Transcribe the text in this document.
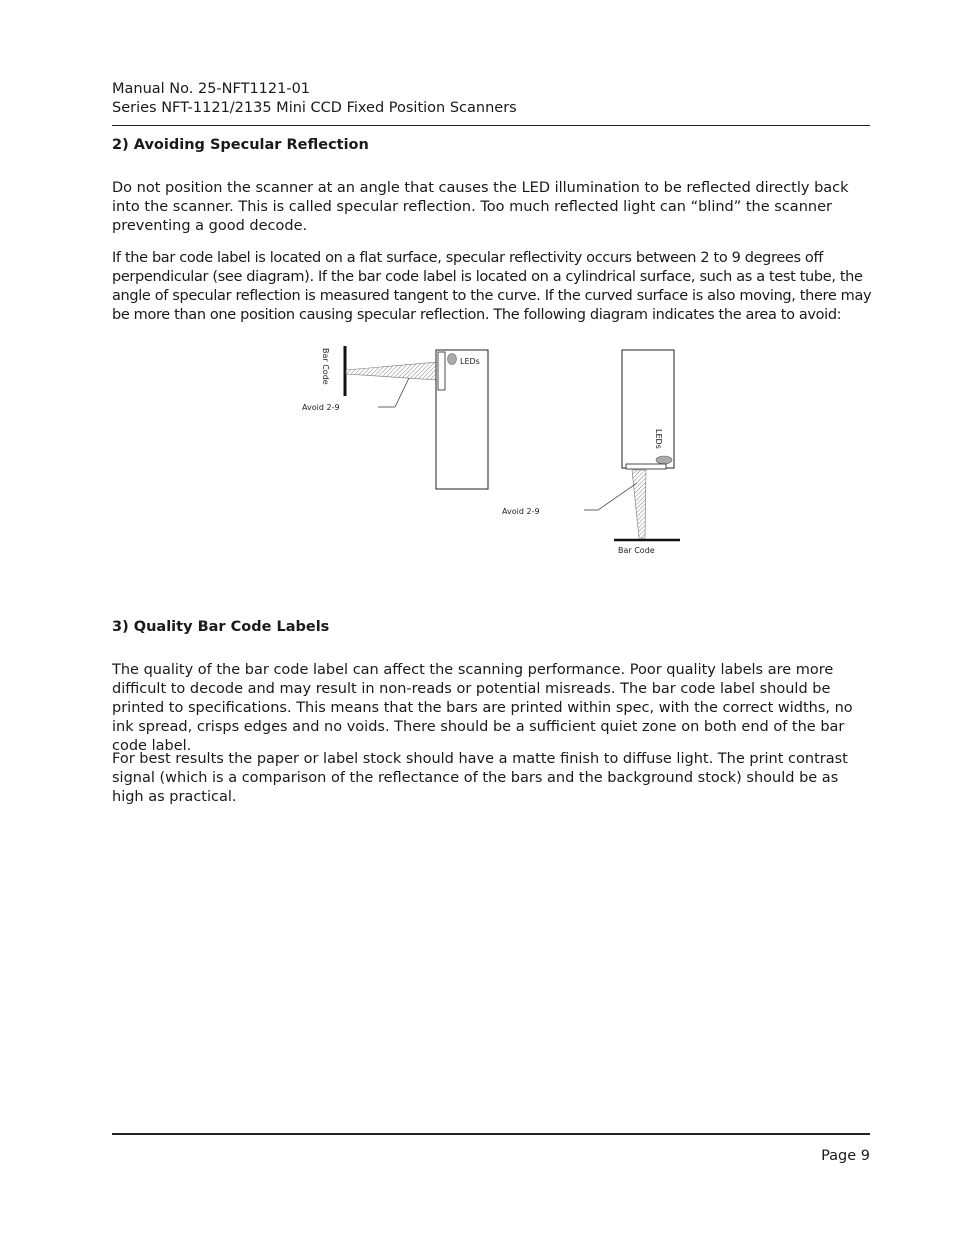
Manual No. 25-NFT1121-01
Series NFT-1121/2135 Mini CCD Fixed Position Scanners
2) Avoiding Specular Reflection

Do not position the scanner at an angle that causes the LED illumination to be reflected directly back into the scanner. This is called specular reflection. Too much reflected light can “blind” the scanner preventing a good decode.

If the bar code label is located on a flat surface, specular reflectivity occurs between 2 to 9 degrees off perpendicular (see diagram). If the bar code label is located on a cylindrical surface, such as a test tube, the angle of specular reflection is measured tangent to the curve. If the curved surface is also moving, there may be more than one position causing specular reflection. The following diagram indicates the area to avoid:

Bar Code	LEDs
Avoid 2-9
LEDs
Bar Code
Avoid 2-9
3) Quality Bar Code Labels

The quality of the bar code label can affect the scanning performance. Poor quality labels are more difficult to decode and may result in non-reads or potential misreads. The bar code label should be printed to specifications. This means that the bars are printed within spec, with the correct widths, no ink spread, crisps edges and no voids. There should be a sufficient quiet zone on both end of the bar code label.

For best results the paper or label stock should have a matte finish to diffuse light. The print contrast signal (which is a comparison of the reflectance of the bars and the background stock) should be as high as practical.

Page 9
